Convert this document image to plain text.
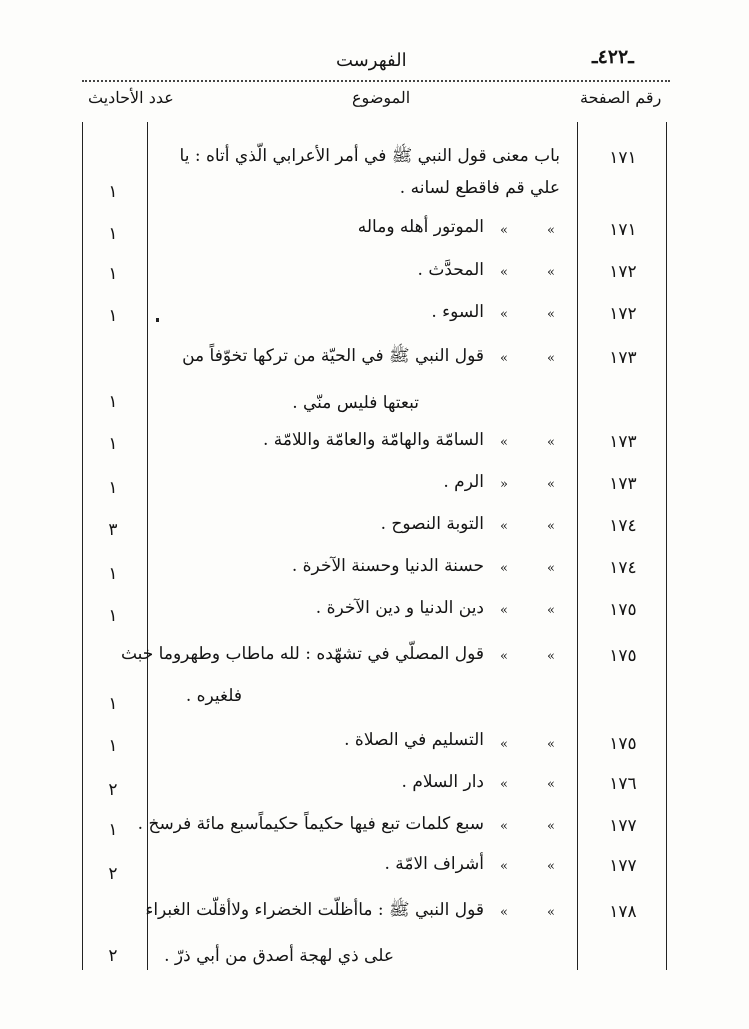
ـ٤٢٢ـ
الفهرست
رقم الصفحة
الموضوع
عدد الأحاديث
١٧١
باب معنى قول النبي ﷺ في أمر الأعرابي الّذي أتاه : يا
علي قم فاقطع لسانه .
١
١٧١
«
«
الموتور أهله وماله
١
١٧٢
«
«
المحدَّث .
١
١٧٢
«
«
السوء .
١
١٧٣
«
«
قول النبي ﷺ في الحيّة من تركها تخوّفاً من
تبعتها فليس منّي .
١
١٧٣
«
«
السامّة والهامّة والعامّة واللامّة .
١
١٧٣
«
»
الرم .
١
١٧٤
«
«
التوبة النصوح .
٣
١٧٤
«
«
حسنة الدنيا وحسنة الآخرة .
١
١٧٥
«
«
دين الدنيا و دين الآخرة .
١
١٧٥
«
«
قول المصلّي في تشهّده : لله ماطاب وطهروما خبث
فلغيره .
١
١٧٥
«
«
التسليم في الصلاة .
١
١٧٦
«
«
دار السلام .
٢
١٧٧
«
«
سبع كلمات تبع فيها حكيماً حكيماًسبع مائة فرسخ .
١
١٧٧
«
«
أشراف الامّة .
٢
١٧٨
«
«
قول النبي ﷺ : ماأظلّت الخضراء ولاأقلّت الغبراء
على ذي لهجة أصدق من أبي ذرّ .
٢
